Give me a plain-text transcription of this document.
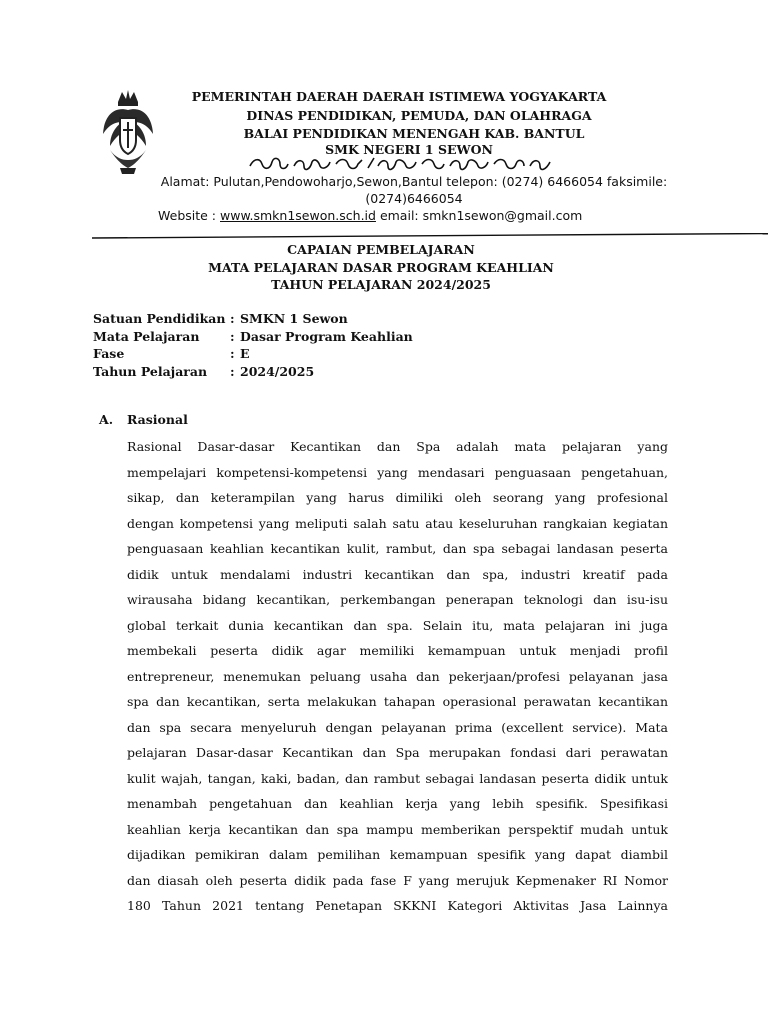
PEMERINTAH DAERAH DAERAH ISTIMEWA YOGYAKARTA
DINAS PENDIDIKAN, PEMUDA, DAN OLAHRAGA
BALAI PENDIDIKAN MENENGAH KAB. BANTUL
SMK NEGERI 1 SEWON
Alamat: Pulutan,Pendowoharjo,Sewon,Bantul telepon: (0274) 6466054 faksimile:
(0274)6466054
Website : www.smkn1sewon.sch.id email: smkn1sewon@gmail.com
CAPAIAN PEMBELAJARAN
MATA PELAJARAN DASAR PROGRAM KEAHLIAN
TAHUN PELAJARAN 2024/2025
Satuan Pendidikan : SMKN 1 Sewon
Mata Pelajaran : Dasar Program Keahlian
Fase	: E
Tahun Pelajaran : 2024/2025
A. Rasional
Rasional Dasar-dasar Kecantikan dan Spa adalah mata pelajaran yang
mempelajari kompetensi-kompetensi yang mendasari penguasaan pengetahuan,
sikap, dan keterampilan yang harus dimiliki oleh seorang yang profesional
dengan kompetensi yang meliputi salah satu atau keseluruhan rangkaian kegiatan
penguasaan keahlian kecantikan kulit, rambut, dan spa sebagai landasan peserta
didik untuk mendalami industri kecantikan dan spa, industri kreatif pada
wirausaha bidang kecantikan, perkembangan penerapan teknologi dan isu-isu
global terkait dunia kecantikan dan spa. Selain itu, mata pelajaran ini juga
membekali peserta didik agar memiliki kemampuan untuk menjadi profil
entrepreneur, menemukan peluang usaha dan pekerjaan/profesi pelayanan jasa
spa dan kecantikan, serta melakukan tahapan operasional perawatan kecantikan
dan spa secara menyeluruh dengan pelayanan prima (excellent service). Mata
pelajaran Dasar-dasar Kecantikan dan Spa merupakan fondasi dari perawatan
kulit wajah, tangan, kaki, badan, dan rambut sebagai landasan peserta didik untuk
menambah pengetahuan dan keahlian kerja yang lebih spesifik. Spesifikasi
keahlian kerja kecantikan dan spa mampu memberikan perspektif mudah untuk
dijadikan pemikiran dalam pemilihan kemampuan spesifik yang dapat diambil
dan diasah oleh peserta didik pada fase F yang merujuk Kepmenaker RI Nomor
180 Tahun 2021 tentang Penetapan SKKNI Kategori Aktivitas Jasa Lainnya
